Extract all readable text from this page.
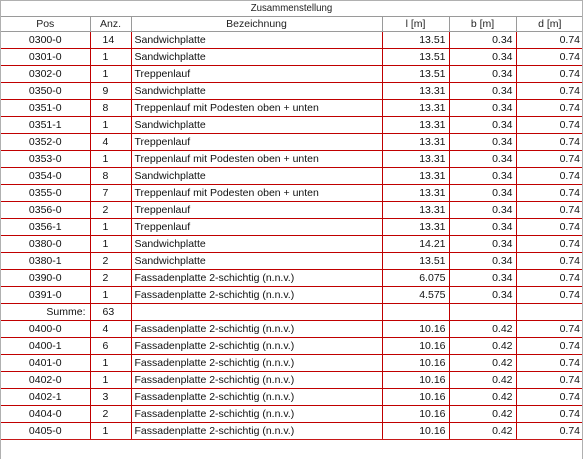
Zusammenstellung
Pos	Anz.	Bezeichnung	l [m]	b [m]	d [m]
0300-0	14	Sandwichplatte	13.51	0.34	0.74
0301-0	1	Sandwichplatte	13.51	0.34	0.74
0302-0	1	Treppenlauf	13.51	0.34	0.74
0350-0	9	Sandwichplatte	13.31	0.34	0.74
0351-0	8	Treppenlauf mit Podesten oben + unten	13.31	0.34	0.74
0351-1	1	Sandwichplatte	13.31	0.34	0.74
0352-0	4	Treppenlauf	13.31	0.34	0.74
0353-0	1	Treppenlauf mit Podesten oben + unten	13.31	0.34	0.74
0354-0	8	Sandwichplatte	13.31	0.34	0.74
0355-0	7	Treppenlauf mit Podesten oben + unten	13.31	0.34	0.74
0356-0	2	Treppenlauf	13.31	0.34	0.74
0356-1	1	Treppenlauf	13.31	0.34	0.74
0380-0	1	Sandwichplatte	14.21	0.34	0.74
0380-1	2	Sandwichplatte	13.51	0.34	0.74
0390-0	2	Fassadenplatte 2-schichtig (n.n.v.)	6.075	0.34	0.74
0391-0	1	Fassadenplatte 2-schichtig (n.n.v.)	4.575	0.34	0.74
Summe:	63				
0400-0	4	Fassadenplatte 2-schichtig (n.n.v.)	10.16	0.42	0.74
0400-1	6	Fassadenplatte 2-schichtig (n.n.v.)	10.16	0.42	0.74
0401-0	1	Fassadenplatte 2-schichtig (n.n.v.)	10.16	0.42	0.74
0402-0	1	Fassadenplatte 2-schichtig (n.n.v.)	10.16	0.42	0.74
0402-1	3	Fassadenplatte 2-schichtig (n.n.v.)	10.16	0.42	0.74
0404-0	2	Fassadenplatte 2-schichtig (n.n.v.)	10.16	0.42	0.74
0405-0	1	Fassadenplatte 2-schichtig (n.n.v.)	10.16	0.42	0.74
